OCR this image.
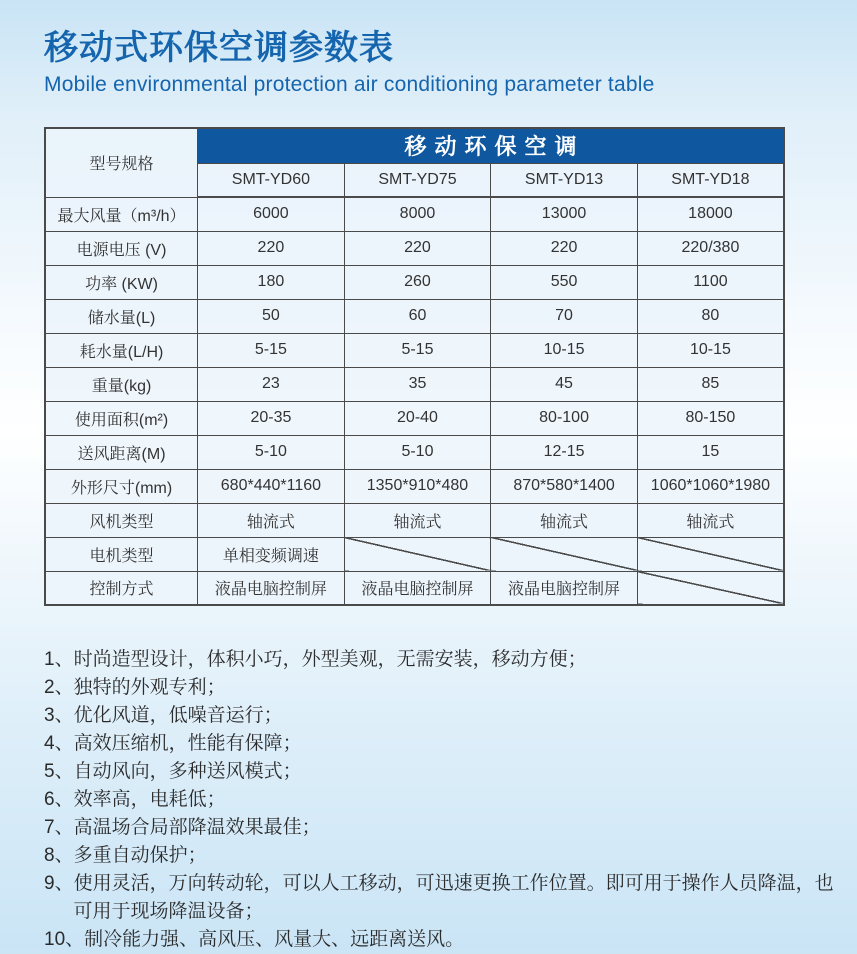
移动式环保空调参数表
Mobile environmental protection air conditioning parameter table
型号规格	移动环保空调			
	SMT-YD60	SMT-YD75	SMT-YD13	SMT-YD18
最大风量（m³/h）	6000	8000	13000	18000
电源电压 (V)	220	220	220	220/380
功率 (KW)	180	260	550	1100
储水量(L)	50	60	70	80
耗水量(L/H)	5-15	5-15	10-15	10-15
重量(kg)	23	35	45	85
使用面积(m²)	20-35	20-40	80-100	80-150
送风距离(M)	5-10	5-10	12-15	15
外形尺寸(mm)	680*440*1160	1350*910*480	870*580*1400	1060*1060*1980
风机类型	轴流式	轴流式	轴流式	轴流式
电机类型	单相变频调速			
控制方式	液晶电脑控制屏	液晶电脑控制屏	液晶电脑控制屏	
1、时尚造型设计，体积小巧，外型美观，无需安装，移动方便；
2、独特的外观专利；
3、优化风道，低噪音运行；
4、高效压缩机，性能有保障；
5、自动风向，多种送风模式；
6、效率高，电耗低；
7、高温场合局部降温效果最佳；
8、多重自动保护；
9、使用灵活，万向转动轮，可以人工移动，可迅速更换工作位置。即可用于操作人员降温，也可用于现场降温设备；
10、制冷能力强、高风压、风量大、远距离送风。
